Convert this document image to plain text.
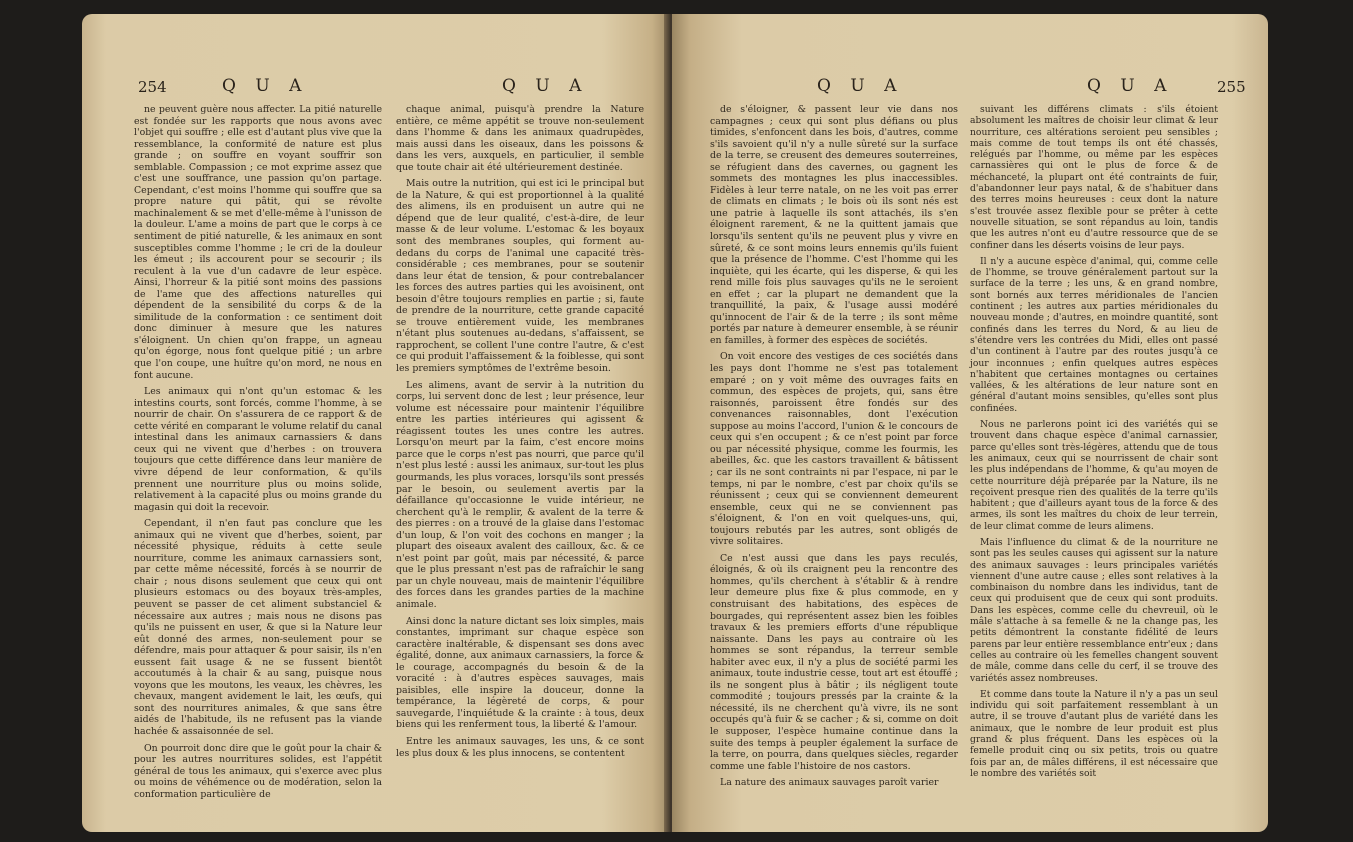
254	Q U A	Q U A

ne peuvent guère nous affecter. La pitié naturelle est fondée sur les rapports que nous avons avec l'objet qui souffre ; elle est d'autant plus vive que la ressemblance, la conformité de nature est plus grande ; on souffre en voyant souffrir son semblable. Compassion ; ce mot exprime assez que c'est une souffrance, une passion qu'on partage. Cependant, c'est moins l'homme qui souffre que sa propre nature qui pâtit, qui se révolte machinalement & se met d'elle-même à l'unisson de la douleur. L'ame a moins de part que le corps à ce sentiment de pitié naturelle, & les animaux en sont susceptibles comme l'homme ; le cri de la douleur les émeut ; ils accourent pour se secourir ; ils reculent à la vue d'un cadavre de leur espèce. Ainsi, l'horreur & la pitié sont moins des passions de l'ame que des affections naturelles qui dépendent de la sensibilité du corps & de la similitude de la conformation : ce sentiment doit donc diminuer à mesure que les natures s'éloignent. Un chien qu'on frappe, un agneau qu'on égorge, nous font quelque pitié ; un arbre que l'on coupe, une huître qu'on mord, ne nous en font aucune.

Les animaux qui n'ont qu'un estomac & les intestins courts, sont forcés, comme l'homme, à se nourrir de chair. On s'assurera de ce rapport & de cette vérité en comparant le volume relatif du canal intestinal dans les animaux carnassiers & dans ceux qui ne vivent que d'herbes : on trouvera toujours que cette différence dans leur manière de vivre dépend de leur conformation, & qu'ils prennent une nourriture plus ou moins solide, relativement à la capacité plus ou moins grande du magasin qui doit la recevoir.

Cependant, il n'en faut pas conclure que les animaux qui ne vivent que d'herbes, soient, par nécessité physique, réduits à cette seule nourriture, comme les animaux carnassiers sont, par cette même nécessité, forcés à se nourrir de chair ; nous disons seulement que ceux qui ont plusieurs estomacs ou des boyaux très-amples, peuvent se passer de cet aliment substanciel & nécessaire aux autres ; mais nous ne disons pas qu'ils ne puissent en user, & que si la Nature leur eût donné des armes, non-seulement pour se défendre, mais pour attaquer & pour saisir, ils n'en eussent fait usage & ne se fussent bientôt accoutumés à la chair & au sang, puisque nous voyons que les moutons, les veaux, les chèvres, les chevaux, mangent avidement le lait, les œufs, qui sont des nourritures animales, & que sans être aidés de l'habitude, ils ne refusent pas la viande hachée & assaisonnée de sel.

On pourroit donc dire que le goût pour la chair & pour les autres nourritures solides, est l'appétit général de tous les animaux, qui s'exerce avec plus ou moins de véhémence ou de modération, selon la conformation particulière de

chaque animal, puisqu'à prendre la Nature entière, ce même appétit se trouve non-seulement dans l'homme & dans les animaux quadrupèdes, mais aussi dans les oiseaux, dans les poissons & dans les vers, auxquels, en particulier, il semble que toute chair ait été ultérieurement destinée.

Mais outre la nutrition, qui est ici le principal but de la Nature, & qui est proportionnel à la qualité des alimens, ils en produisent un autre qui ne dépend que de leur qualité, c'est-à-dire, de leur masse & de leur volume. L'estomac & les boyaux sont des membranes souples, qui forment au-dedans du corps de l'animal une capacité très-considérable ; ces membranes, pour se soutenir dans leur état de tension, & pour contrebalancer les forces des autres parties qui les avoisinent, ont besoin d'être toujours remplies en partie ; si, faute de prendre de la nourriture, cette grande capacité se trouve entièrement vuide, les membranes n'étant plus soutenues au-dedans, s'affaissent, se rapprochent, se collent l'une contre l'autre, & c'est ce qui produit l'affaissement & la foiblesse, qui sont les premiers symptômes de l'extrême besoin.

Les alimens, avant de servir à la nutrition du corps, lui servent donc de lest ; leur présence, leur volume est nécessaire pour maintenir l'équilibre entre les parties intérieures qui agissent & réagissent toutes les unes contre les autres. Lorsqu'on meurt par la faim, c'est encore moins parce que le corps n'est pas nourri, que parce qu'il n'est plus lesté : aussi les animaux, sur-tout les plus gourmands, les plus voraces, lorsqu'ils sont pressés par le besoin, ou seulement avertis par la défaillance qu'occasionne le vuide intérieur, ne cherchent qu'à le remplir, & avalent de la terre & des pierres : on a trouvé de la glaise dans l'estomac d'un loup, & l'on voit des cochons en manger ; la plupart des oiseaux avalent des cailloux, &c. & ce n'est point par goût, mais par nécessité, & parce que le plus pressant n'est pas de rafraîchir le sang par un chyle nouveau, mais de maintenir l'équilibre des forces dans les grandes parties de la machine animale.

Ainsi donc la nature dictant ses loix simples, mais constantes, imprimant sur chaque espèce son caractère inaltérable, & dispensant ses dons avec égalité, donne, aux animaux carnassiers, la force & le courage, accompagnés du besoin & de la voracité : à d'autres espèces sauvages, mais paisibles, elle inspire la douceur, donne la tempérance, la légèreté de corps, & pour sauvegarde, l'inquiétude & la crainte : à tous, deux biens qui les renferment tous, la liberté & l'amour.

Entre les animaux sauvages, les uns, & ce sont les plus doux & les plus innocens, se contentent

Q U A	Q U A	255

de s'éloigner, & passent leur vie dans nos campagnes ; ceux qui sont plus défians ou plus timides, s'enfoncent dans les bois, d'autres, comme s'ils savoient qu'il n'y a nulle sûreté sur la surface de la terre, se creusent des demeures souterreines, se réfugient dans des cavernes, ou gagnent les sommets des montagnes les plus inaccessibles. Fidèles à leur terre natale, on ne les voit pas errer de climats en climats ; le bois où ils sont nés est une patrie à laquelle ils sont attachés, ils s'en éloignent rarement, & ne la quittent jamais que lorsqu'ils sentent qu'ils ne peuvent plus y vivre en sûreté, & ce sont moins leurs ennemis qu'ils fuient que la présence de l'homme. C'est l'homme qui les inquiète, qui les écarte, qui les disperse, & qui les rend mille fois plus sauvages qu'ils ne le seroient en effet ; car la plupart ne demandent que la tranquillité, la paix, & l'usage aussi modéré qu'innocent de l'air & de la terre ; ils sont même portés par nature à demeurer ensemble, à se réunir en familles, à former des espèces de sociétés.

On voit encore des vestiges de ces sociétés dans les pays dont l'homme ne s'est pas totalement emparé ; on y voit même des ouvrages faits en commun, des espèces de projets, qui, sans être raisonnés, paroissent être fondés sur des convenances raisonnables, dont l'exécution suppose au moins l'accord, l'union & le concours de ceux qui s'en occupent ; & ce n'est point par force ou par nécessité physique, comme les fourmis, les abeilles, &c. que les castors travaillent & bâtissent ; car ils ne sont contraints ni par l'espace, ni par le temps, ni par le nombre, c'est par choix qu'ils se réunissent ; ceux qui se conviennent demeurent ensemble, ceux qui ne se conviennent pas s'éloignent, & l'on en voit quelques-uns, qui, toujours rebutés par les autres, sont obligés de vivre solitaires.

Ce n'est aussi que dans les pays reculés, éloignés, & où ils craignent peu la rencontre des hommes, qu'ils cherchent à s'établir & à rendre leur demeure plus fixe & plus commode, en y construisant des habitations, des espèces de bourgades, qui représentent assez bien les foibles travaux & les premiers efforts d'une république naissante. Dans les pays au contraire où les hommes se sont répandus, la terreur semble habiter avec eux, il n'y a plus de société parmi les animaux, toute industrie cesse, tout art est étouffé ; ils ne songent plus à bâtir ; ils négligent toute commodité ; toujours pressés par la crainte & la nécessité, ils ne cherchent qu'à vivre, ils ne sont occupés qu'à fuir & se cacher ; & si, comme on doit le supposer, l'espèce humaine continue dans la suite des temps à peupler également la surface de la terre, on pourra, dans quelques siècles, regarder comme une fable l'histoire de nos castors.

La nature des animaux sauvages paroît varier

suivant les différens climats : s'ils étoient absolument les maîtres de choisir leur climat & leur nourriture, ces altérations seroient peu sensibles ; mais comme de tout temps ils ont été chassés, relégués par l'homme, ou même par les espèces carnassières qui ont le plus de force & de méchanceté, la plupart ont été contraints de fuir, d'abandonner leur pays natal, & de s'habituer dans des terres moins heureuses : ceux dont la nature s'est trouvée assez flexible pour se prêter à cette nouvelle situation, se sont répandus au loin, tandis que les autres n'ont eu d'autre ressource que de se confiner dans les déserts voisins de leur pays.

Il n'y a aucune espèce d'animal, qui, comme celle de l'homme, se trouve généralement partout sur la surface de la terre ; les uns, & en grand nombre, sont bornés aux terres méridionales de l'ancien continent ; les autres aux parties méridionales du nouveau monde ; d'autres, en moindre quantité, sont confinés dans les terres du Nord, & au lieu de s'étendre vers les contrées du Midi, elles ont passé d'un continent à l'autre par des routes jusqu'à ce jour inconnues ; enfin quelques autres espèces n'habitent que certaines montagnes ou certaines vallées, & les altérations de leur nature sont en général d'autant moins sensibles, qu'elles sont plus confinées.

Nous ne parlerons point ici des variétés qui se trouvent dans chaque espèce d'animal carnassier, parce qu'elles sont très-légères, attendu que de tous les animaux, ceux qui se nourrissent de chair sont les plus indépendans de l'homme, & qu'au moyen de cette nourriture déjà préparée par la Nature, ils ne reçoivent presque rien des qualités de la terre qu'ils habitent ; que d'ailleurs ayant tous de la force & des armes, ils sont les maîtres du choix de leur terrein, de leur climat comme de leurs alimens.

Mais l'influence du climat & de la nourriture ne sont pas les seules causes qui agissent sur la nature des animaux sauvages : leurs principales variétés viennent d'une autre cause ; elles sont relatives à la combinaison du nombre dans les individus, tant de ceux qui produisent que de ceux qui sont produits. Dans les espèces, comme celle du chevreuil, où le mâle s'attache à sa femelle & ne la change pas, les petits démontrent la constante fidélité de leurs parens par leur entière ressemblance entr'eux ; dans celles au contraire où les femelles changent souvent de mâle, comme dans celle du cerf, il se trouve des variétés assez nombreuses.

Et comme dans toute la Nature il n'y a pas un seul individu qui soit parfaitement ressemblant à un autre, il se trouve d'autant plus de variété dans les animaux, que le nombre de leur produit est plus grand & plus fréquent. Dans les espèces où la femelle produit cinq ou six petits, trois ou quatre fois par an, de mâles différens, il est nécessaire que le nombre des variétés soit
